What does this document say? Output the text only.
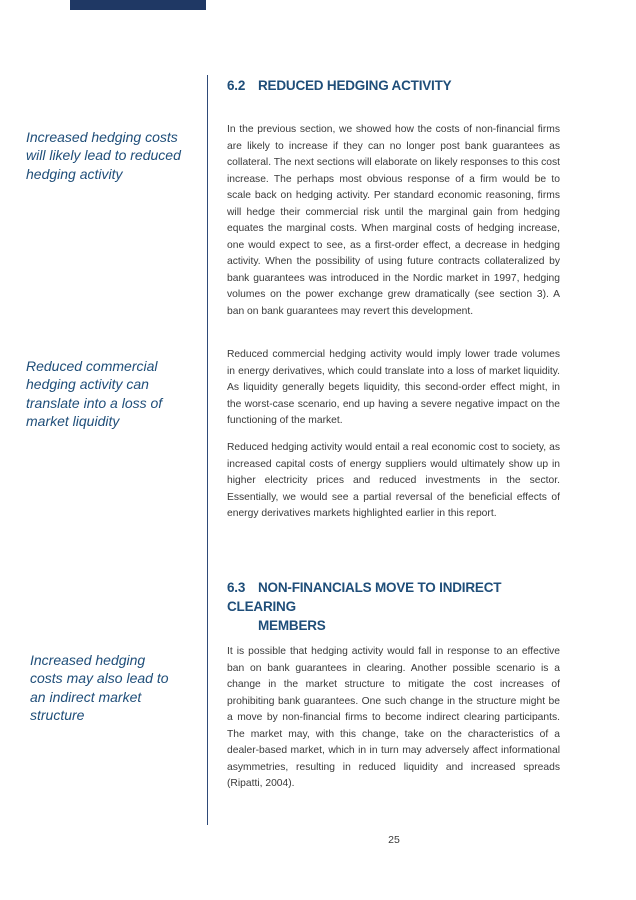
Increased hedging costs will likely lead to reduced hedging activity
Reduced commercial hedging activity can translate into a loss of market liquidity
Increased hedging costs may also lead to an indirect market structure
6.2 REDUCED HEDGING ACTIVITY

In the previous section, we showed how the costs of non-financial firms are likely to increase if they can no longer post bank guarantees as collateral. The next sections will elaborate on likely responses to this cost increase. The perhaps most obvious response of a firm would be to scale back on hedging activity. Per standard economic reasoning, firms will hedge their commercial risk until the marginal gain from hedging equates the marginal costs. When marginal costs of hedging increase, one would expect to see, as a first-order effect, a decrease in hedging activity. When the possibility of using future contracts collateralized by bank guarantees was introduced in the Nordic market in 1997, hedging volumes on the power exchange grew dramatically (see section 3). A ban on bank guarantees may revert this development.

Reduced commercial hedging activity would imply lower trade volumes in energy derivatives, which could translate into a loss of market liquidity. As liquidity generally begets liquidity, this second-order effect might, in the worst-case scenario, end up having a severe negative impact on the functioning of the market.

Reduced hedging activity would entail a real economic cost to society, as increased capital costs of energy suppliers would ultimately show up in higher electricity prices and reduced investments in the sector. Essentially, we would see a partial reversal of the beneficial effects of energy derivatives markets highlighted earlier in this report.

6.3 NON-FINANCIALS MOVE TO INDIRECT CLEARING
MEMBERS

It is possible that hedging activity would fall in response to an effective ban on bank guarantees in clearing. Another possible scenario is a change in the market structure to mitigate the cost increases of prohibiting bank guarantees. One such change in the structure might be a move by non-financial firms to become indirect clearing participants. The market may, with this change, take on the characteristics of a dealer-based market, which in in turn may adversely affect informational asymmetries, resulting in reduced liquidity and increased spreads (Ripatti, 2004).

25
